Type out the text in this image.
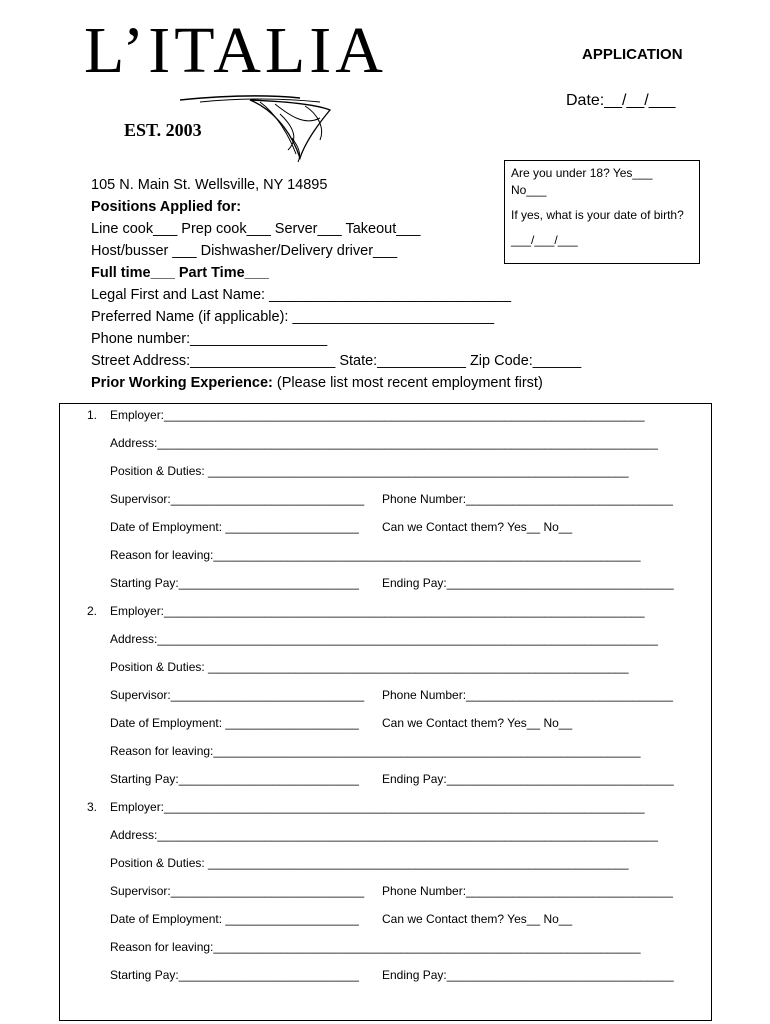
L’ITALIA
EST. 2003
APPLICATION
Date:__/__/___
Are you under 18? Yes___
No___
If yes, what is your date of birth?
___/___/___
105 N. Main St. Wellsville, NY 14895
Positions Applied for:
Line cook___ Prep cook___ Server___ Takeout___
Host/busser ___ Dishwasher/Delivery driver___
Full time___ Part Time___
Legal First and Last Name: ______________________________
Preferred Name (if applicable): _________________________
Phone number:_________________
Street Address:__________________ State:___________ Zip Code:______
Prior Working Experience: (Please list most recent employment first)
1. Employer:________________________________________________________________________
Address:___________________________________________________________________________
Position & Duties: _______________________________________________________________
Supervisor:_____________________________ Phone Number:_______________________________
Date of Employment: ____________________ Can we Contact them? Yes__ No__
Reason for leaving:________________________________________________________________
Starting Pay:___________________________ Ending Pay:__________________________________
2. Employer:________________________________________________________________________
Address:___________________________________________________________________________
Position & Duties: _______________________________________________________________
Supervisor:_____________________________ Phone Number:_______________________________
Date of Employment: ____________________ Can we Contact them? Yes__ No__
Reason for leaving:________________________________________________________________
Starting Pay:___________________________ Ending Pay:__________________________________
3. Employer:________________________________________________________________________
Address:___________________________________________________________________________
Position & Duties: _______________________________________________________________
Supervisor:_____________________________ Phone Number:_______________________________
Date of Employment: ____________________ Can we Contact them? Yes__ No__
Reason for leaving:________________________________________________________________
Starting Pay:___________________________ Ending Pay:__________________________________
